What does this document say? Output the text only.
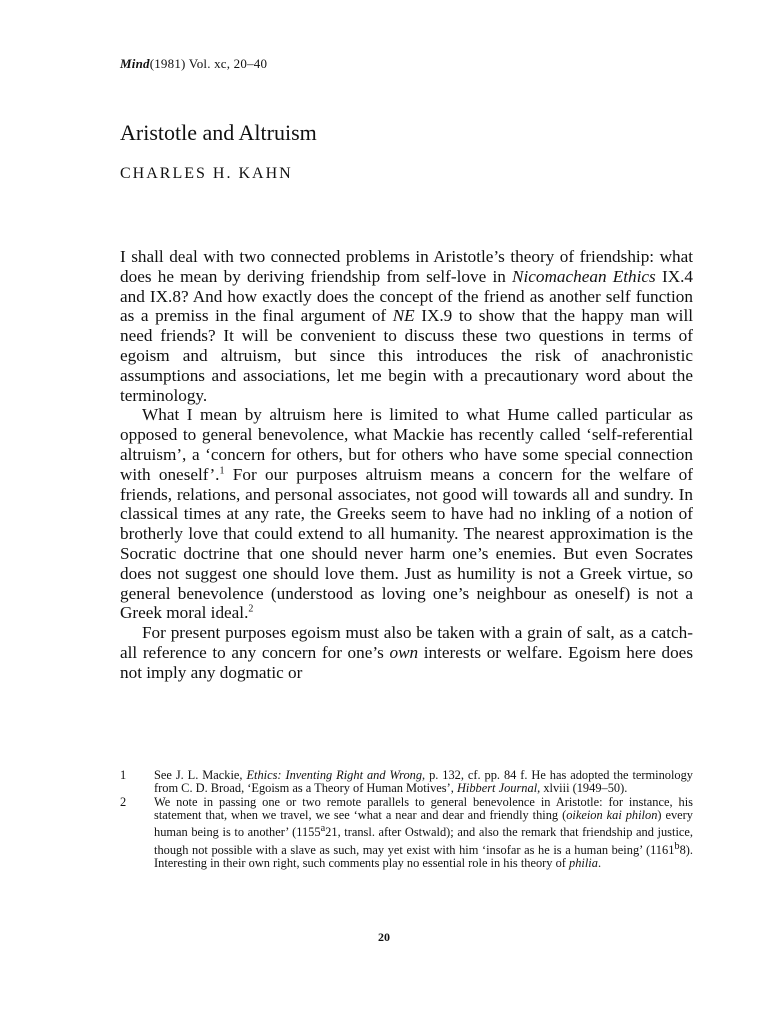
Mind(1981) Vol. xc, 20–40
Aristotle and Altruism
CHARLES H. KAHN

I shall deal with two connected problems in Aristotle’s theory of friendship: what does he mean by deriving friendship from self-love in Nicomachean Ethics IX.4 and IX.8? And how exactly does the concept of the friend as another self function as a premiss in the final argument of NE IX.9 to show that the happy man will need friends? It will be convenient to discuss these two questions in terms of egoism and altruism, but since this introduces the risk of anachronistic assumptions and associations, let me begin with a precautionary word about the terminology.

What I mean by altruism here is limited to what Hume called particular as opposed to general benevolence, what Mackie has recently called ‘self-referential altruism’, a ‘concern for others, but for others who have some special connection with oneself’.$^1$ For our purposes altruism means a concern for the welfare of friends, relations, and personal associates, not good will towards all and sundry. In classical times at any rate, the Greeks seem to have had no inkling of a notion of brotherly love that could extend to all humanity. The nearest approximation is the Socratic doctrine that one should never harm one’s enemies. But even Socrates does not suggest one should love them. Just as humility is not a Greek virtue, so general benevolence (understood as loving one’s neighbour as oneself) is not a Greek moral ideal.$^2$

For present purposes egoism must also be taken with a grain of salt, as a catch-all reference to any concern for one’s own interests or welfare. Egoism here does not imply any dogmatic or

1 See J. L. Mackie, Ethics: Inventing Right and Wrong, p. 132, cf. pp. 84 f. He has adopted the terminology from C. D. Broad, ‘Egoism as a Theory of Human Motives’, Hibbert Journal, xlviii (1949–50).
2 We note in passing one or two remote parallels to general benevolence in Aristotle: for instance, his statement that, when we travel, we see ‘what a near and dear and friendly thing (oikeion kai philon) every human being is to another’ (1155$^a$21, transl. after Ostwald); and also the remark that friendship and justice, though not possible with a slave as such, may yet exist with him ‘insofar as he is a human being’ (1161$^b$8). Interesting in their own right, such comments play no essential role in his theory of philia.
20
